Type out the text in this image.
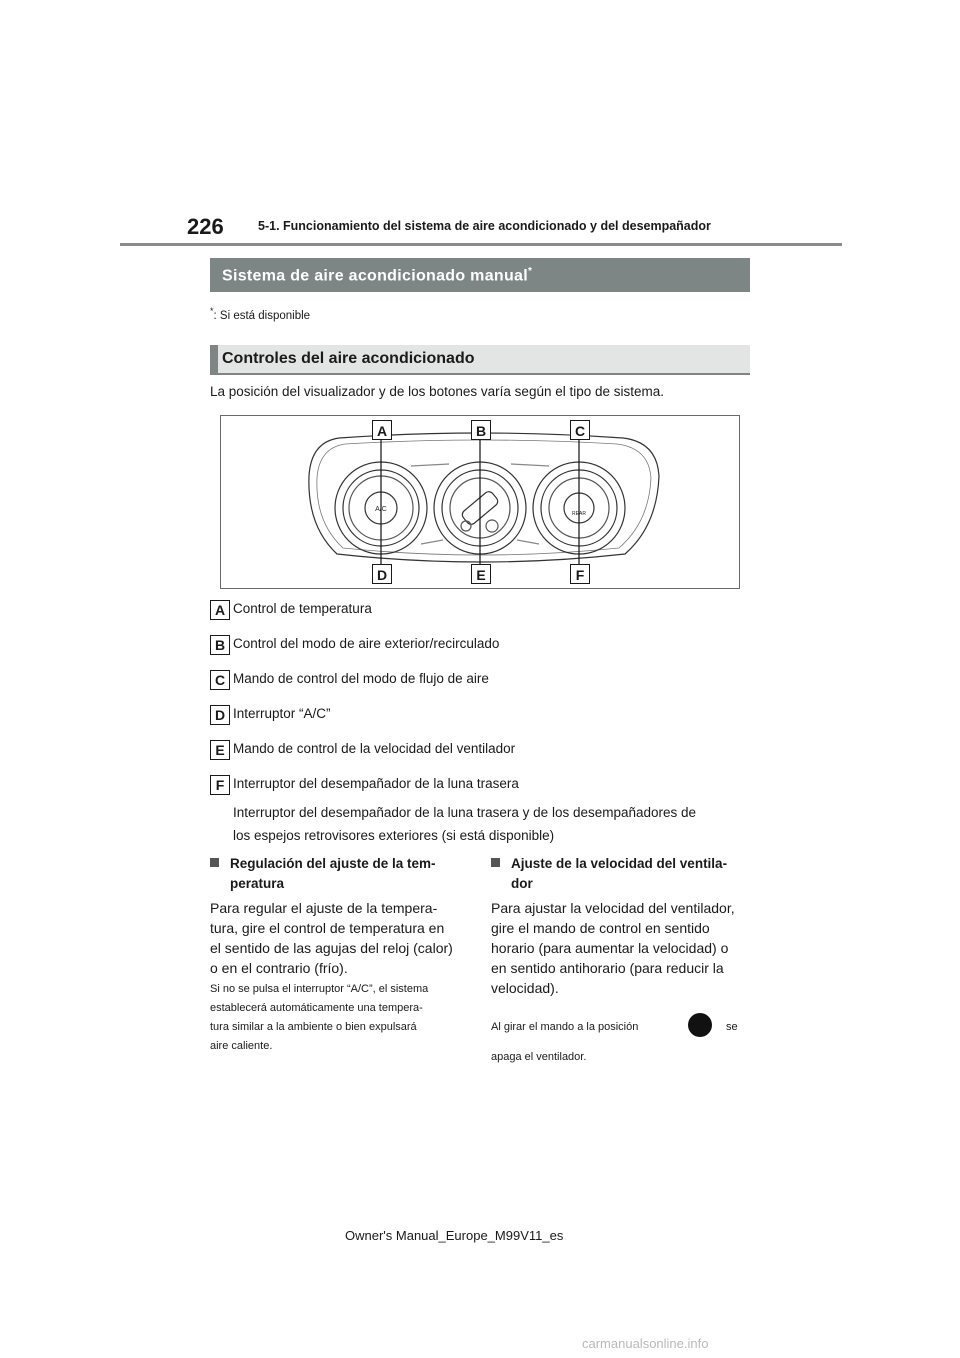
226	5-1. Funcionamiento del sistema de aire acondicionado y del desempañador
Sistema de aire acondicionado manual*
*: Si está disponible
Controles del aire acondicionado
La posición del visualizador y de los botones varía según el tipo de sistema.
A/C
REAR
A	B	C
D	E	F
A Control de temperatura
B Control del modo de aire exterior/recirculado
C Mando de control del modo de flujo de aire
D Interruptor “A/C”
E Mando de control de la velocidad del ventilador
F Interruptor del desempañador de la luna trasera
Interruptor del desempañador de la luna trasera y de los desempañadores de
los espejos retrovisores exteriores (si está disponible)
Regulación del ajuste de la tem-
peratura
Para regular el ajuste de la tempera-
tura, gire el control de temperatura en
el sentido de las agujas del reloj (calor)
o en el contrario (frío).
Si no se pulsa el interruptor “A/C”, el sistema
establecerá automáticamente una tempera-
tura similar a la ambiente o bien expulsará
aire caliente.
Ajuste de la velocidad del ventila-
dor
Para ajustar la velocidad del ventilador,
gire el mando de control en sentido
horario (para aumentar la velocidad) o
en sentido antihorario (para reducir la
velocidad).
Al girar el mando a la posición	se
apaga el ventilador.
Owner's Manual_Europe_M99V11_es
carmanualsonline.info
